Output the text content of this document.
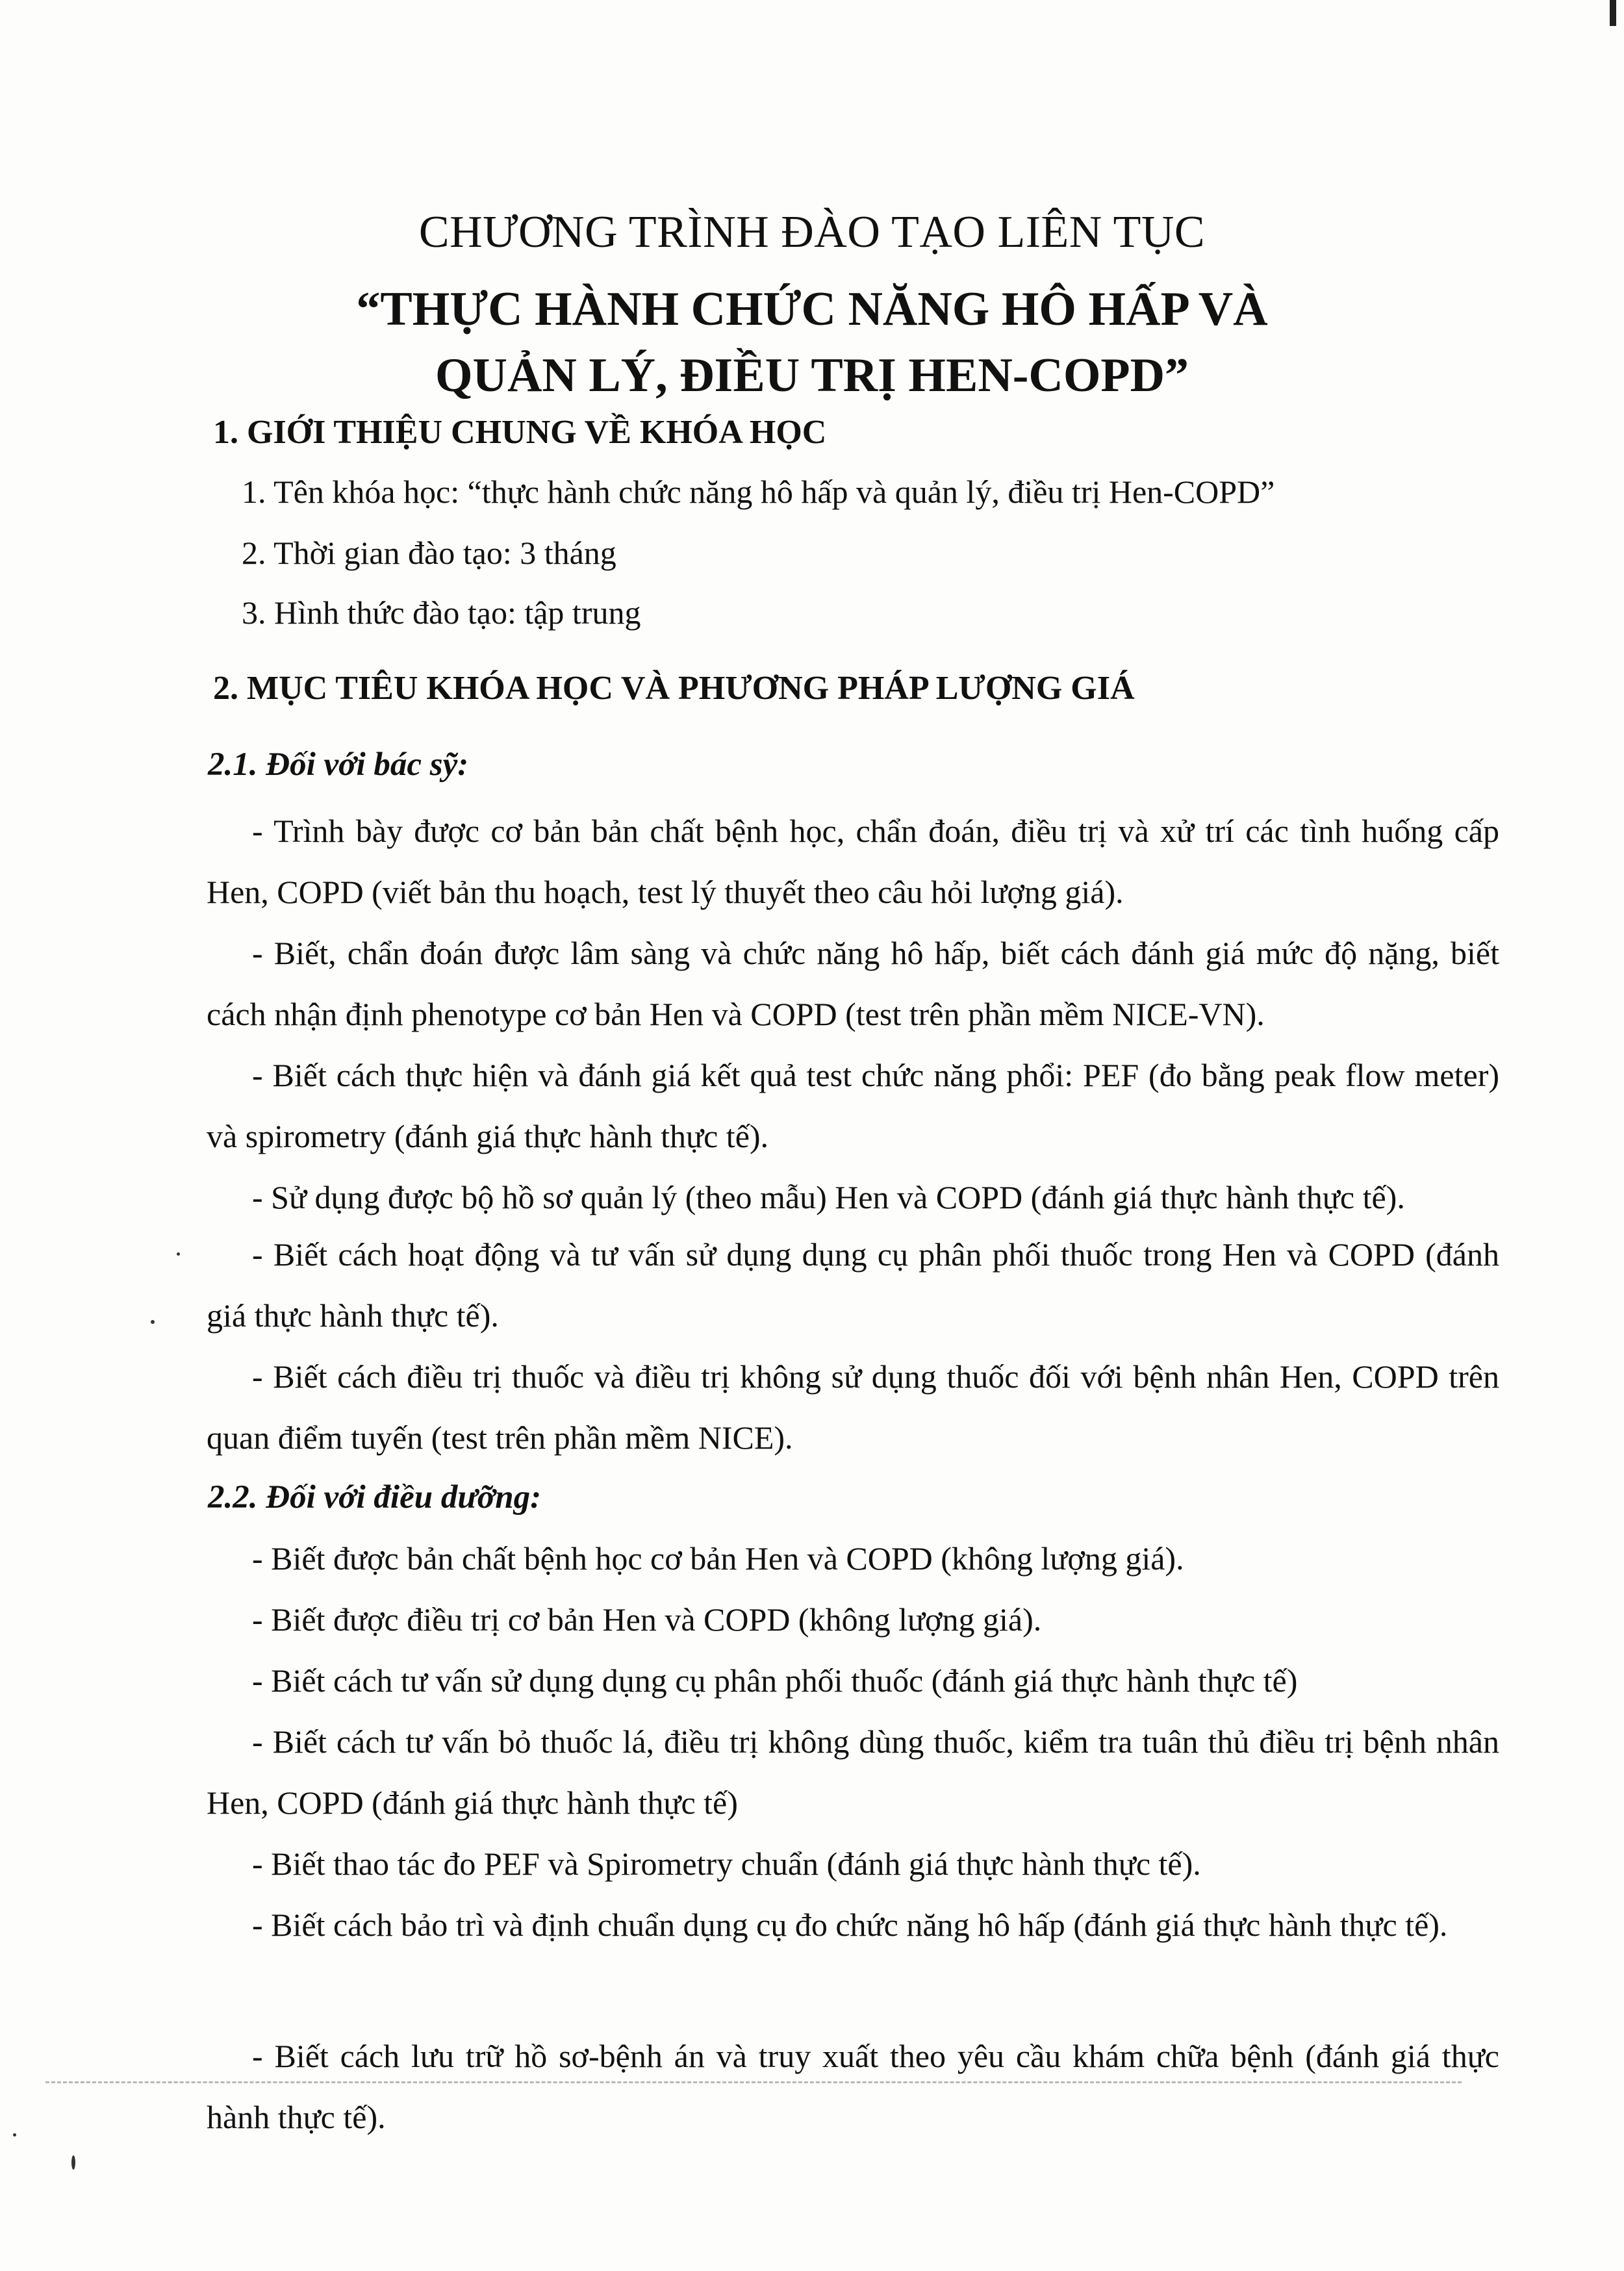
CHƯƠNG TRÌNH ĐÀO TẠO LIÊN TỤC
“THỰC HÀNH CHỨC NĂNG HÔ HẤP VÀ
QUẢN LÝ, ĐIỀU TRỊ HEN-COPD”
1. GIỚI THIỆU CHUNG VỀ KHÓA HỌC
1. Tên khóa học: “thực hành chức năng hô hấp và quản lý, điều trị Hen-COPD”
2. Thời gian đào tạo: 3 tháng
3. Hình thức đào tạo: tập trung
2. MỤC TIÊU KHÓA HỌC VÀ PHƯƠNG PHÁP LƯỢNG GIÁ
2.1. Đối với bác sỹ:
- Trình bày được cơ bản bản chất bệnh học, chẩn đoán, điều trị và xử trí các tình huống cấp Hen, COPD (viết bản thu hoạch, test lý thuyết theo câu hỏi lượng giá).
- Biết, chẩn đoán được lâm sàng và chức năng hô hấp, biết cách đánh giá mức độ nặng, biết cách nhận định phenotype cơ bản Hen và COPD (test trên phần mềm NICE-VN).
- Biết cách thực hiện và đánh giá kết quả test chức năng phổi: PEF (đo bằng peak flow meter) và spirometry (đánh giá thực hành thực tế).
- Sử dụng được bộ hồ sơ quản lý (theo mẫu) Hen và COPD (đánh giá thực hành thực tế).
- Biết cách hoạt động và tư vấn sử dụng dụng cụ phân phối thuốc trong Hen và COPD (đánh giá thực hành thực tế).
- Biết cách điều trị thuốc và điều trị không sử dụng thuốc đối với bệnh nhân Hen, COPD trên quan điểm tuyến (test trên phần mềm NICE).
2.2. Đối với điều dưỡng:
- Biết được bản chất bệnh học cơ bản Hen và COPD (không lượng giá).
- Biết được điều trị cơ bản Hen và COPD (không lượng giá).
- Biết cách tư vấn sử dụng dụng cụ phân phối thuốc (đánh giá thực hành thực tế)
- Biết cách tư vấn bỏ thuốc lá, điều trị không dùng thuốc, kiểm tra tuân thủ điều trị bệnh nhân Hen, COPD (đánh giá thực hành thực tế)
- Biết thao tác đo PEF và Spirometry chuẩn (đánh giá thực hành thực tế).
- Biết cách bảo trì và định chuẩn dụng cụ đo chức năng hô hấp (đánh giá thực hành thực tế).
- Biết cách lưu trữ hồ sơ-bệnh án và truy xuất theo yêu cầu khám chữa bệnh (đánh giá thực hành thực tế).
